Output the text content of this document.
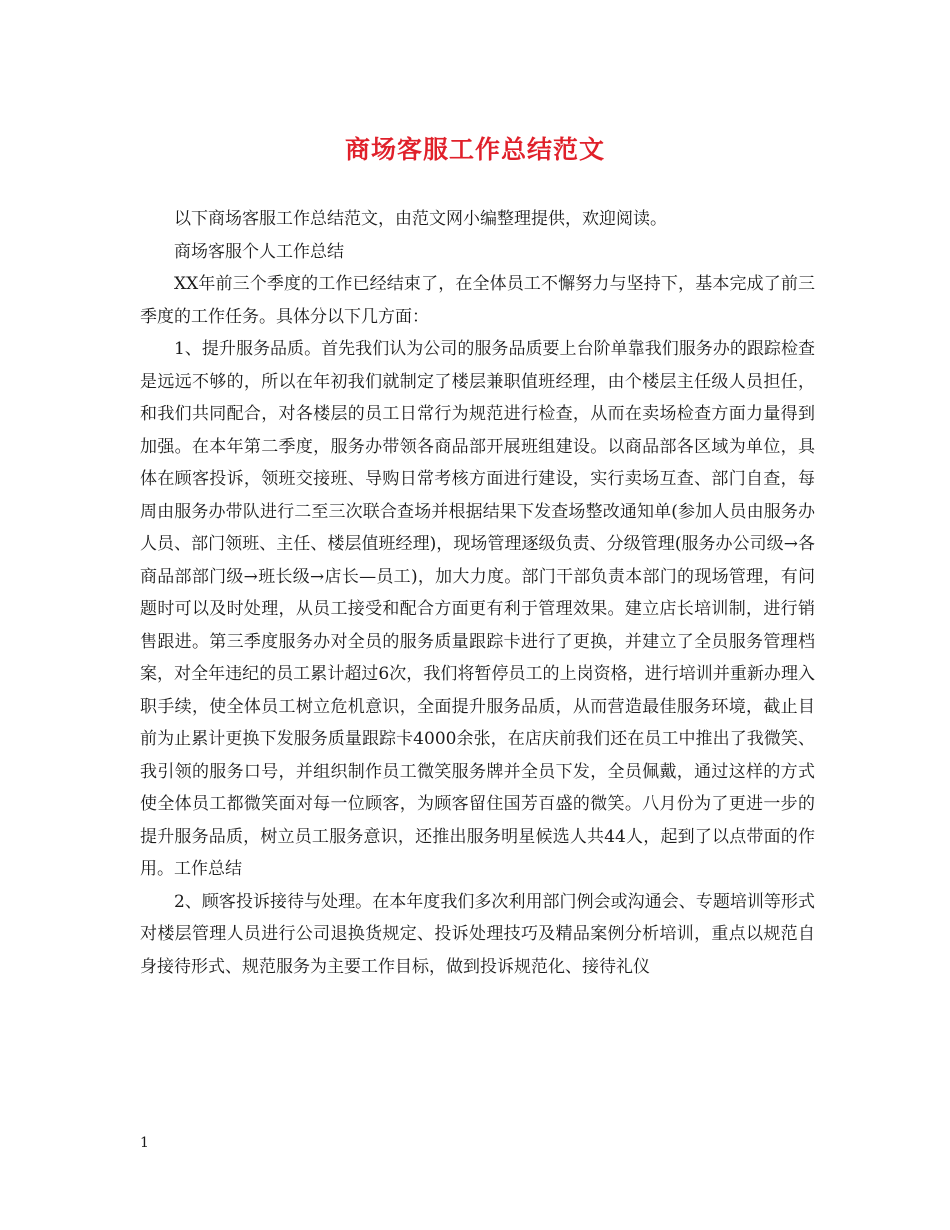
商场客服工作总结范文

以下商场客服工作总结范文，由范文网小编整理提供，欢迎阅读。

商场客服个人工作总结

XX年前三个季度的工作已经结束了，在全体员工不懈努力与坚持下，基本完成了前三季度的工作任务。具体分以下几方面：

1、提升服务品质。首先我们认为公司的服务品质要上台阶单靠我们服务办的跟踪检查是远远不够的，所以在年初我们就制定了楼层兼职值班经理，由个楼层主任级人员担任，和我们共同配合，对各楼层的员工日常行为规范进行检查，从而在卖场检查方面力量得到加强。在本年第二季度，服务办带领各商品部开展班组建设。以商品部各区域为单位，具体在顾客投诉，领班交接班、导购日常考核方面进行建设，实行卖场互查、部门自查，每周由服务办带队进行二至三次联合查场并根据结果下发查场整改通知单(参加人员由服务办人员、部门领班、主任、楼层值班经理)，现场管理逐级负责、分级管理(服务办公司级→各商品部部门级→班长级→店长—员工)，加大力度。部门干部负责本部门的现场管理，有问题时可以及时处理，从员工接受和配合方面更有利于管理效果。建立店长培训制，进行销售跟进。第三季度服务办对全员的服务质量跟踪卡进行了更换，并建立了全员服务管理档案，对全年违纪的员工累计超过6次，我们将暂停员工的上岗资格，进行培训并重新办理入职手续，使全体员工树立危机意识，全面提升服务品质，从而营造最佳服务环境，截止目前为止累计更换下发服务质量跟踪卡4000余张，在店庆前我们还在员工中推出了我微笑、我引领的服务口号，并组织制作员工微笑服务牌并全员下发，全员佩戴，通过这样的方式使全体员工都微笑面对每一位顾客，为顾客留住国芳百盛的微笑。八月份为了更进一步的提升服务品质，树立员工服务意识，还推出服务明星候选人共44人，起到了以点带面的作用。工作总结

2、顾客投诉接待与处理。在本年度我们多次利用部门例会或沟通会、专题培训等形式对楼层管理人员进行公司退换货规定、投诉处理技巧及精品案例分析培训，重点以规范自身接待形式、规范服务为主要工作目标，做到投诉规范化、接待礼仪

1
